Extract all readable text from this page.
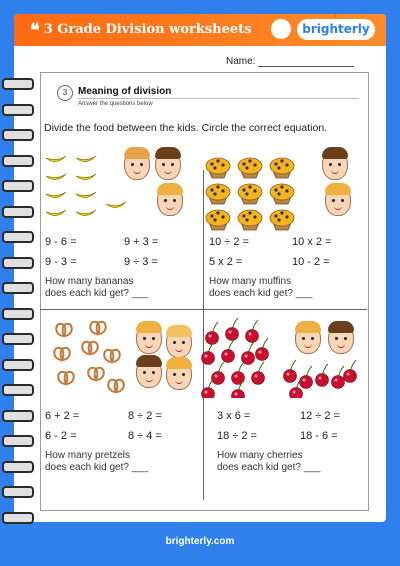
❝ 3 Grade Division worksheets
✦
brighterly
Name:
3	Meaning of division
Answer the questions below
Divide the food between the kids. Circle the correct equation.
9 - 6 =	9 + 3 =
9 - 3 =	9 ÷ 3 =
How many bananas
does each kid get? ___
10 ÷ 2 =	10 x 2 =
5 x 2 =	10 - 2 =
How many muffins
does each kid get? ___
6 + 2 =	8 ÷ 2 =
6 - 2 =	8 ÷ 4 =
How many pretzels
does each kid get? ___
3 x 6 =	12 ÷ 2 =
18 ÷ 2 =	18 - 6 =
How many cherries
does each kid get? ___
brighterly.com
